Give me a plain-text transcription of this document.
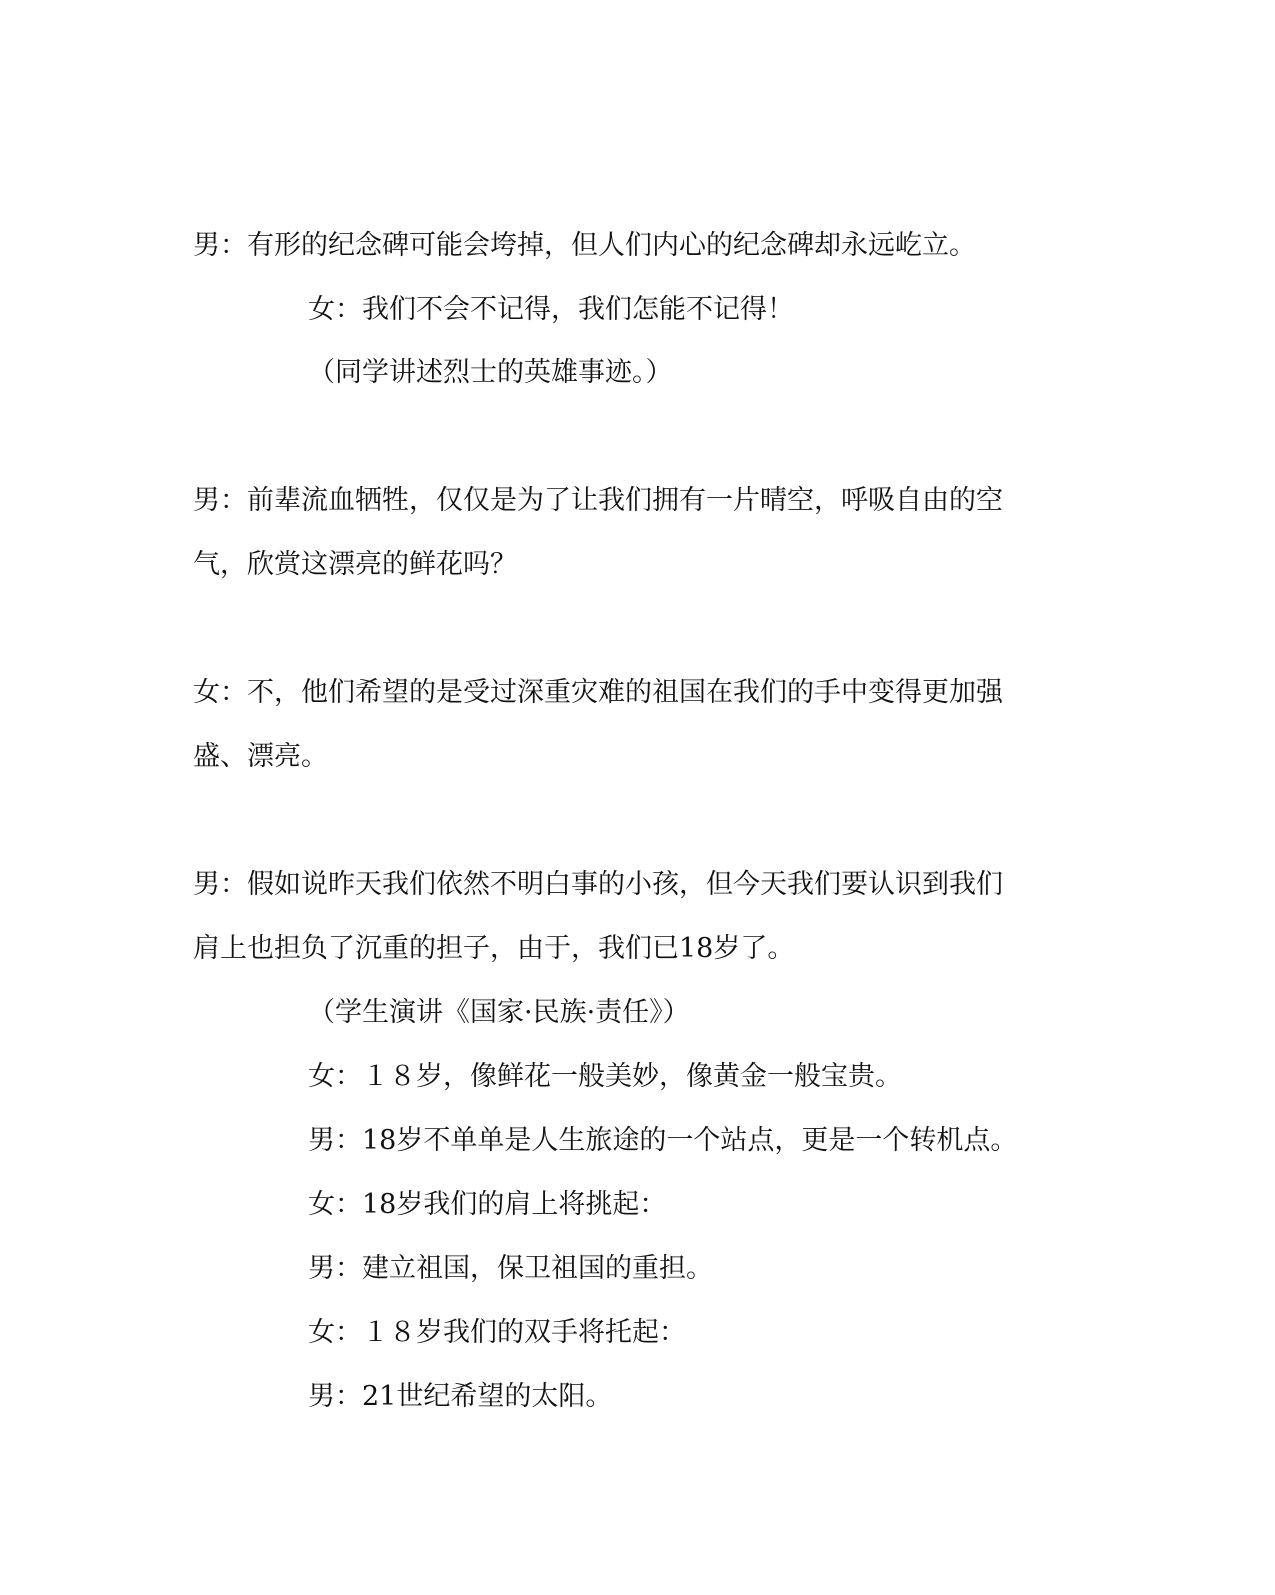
男：有形的纪念碑可能会垮掉，但人们内心的纪念碑却永远屹立。
女：我们不会不记得，我们怎能不记得！
（同学讲述烈士的英雄事迹。）
男：前辈流血牺牲，仅仅是为了让我们拥有一片晴空，呼吸自由的空
气，欣赏这漂亮的鲜花吗？
女：不，他们希望的是受过深重灾难的祖国在我们的手中变得更加强
盛、漂亮。
男：假如说昨天我们依然不明白事的小孩，但今天我们要认识到我们
肩上也担负了沉重的担子，由于，我们已18岁了。
（学生演讲《国家·民族·责任》）
女：１８岁，像鲜花一般美妙，像黄金一般宝贵。
男：18岁不单单是人生旅途的一个站点，更是一个转机点。
女：18岁我们的肩上将挑起：
男：建立祖国，保卫祖国的重担。
女：１８岁我们的双手将托起：
男：21世纪希望的太阳。
